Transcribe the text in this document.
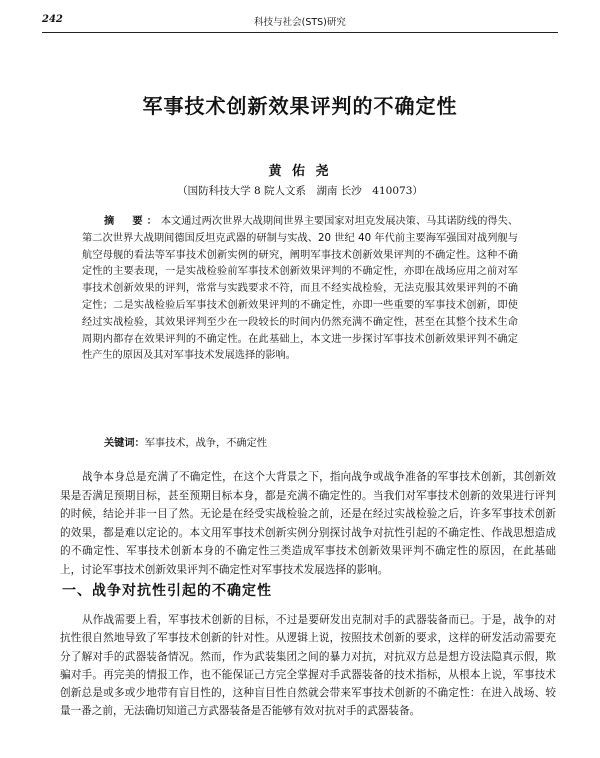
242	科技与社会(STS)研究
军事技术创新效果评判的不确定性
黄 佑 尧
（国防科技大学 8 院人文系　湖南 长沙　410073）
摘　要：本文通过两次世界大战期间世界主要国家对坦克发展决策、马其诺防线的得失、第二次世界大战期间德国反坦克武器的研制与实战、20 世纪 40 年代前主要海军强国对战列舰与航空母舰的看法等军事技术创新实例的研究，阐明军事技术创新效果评判的不确定性。这种不确定性的主要表现，一是实战检验前军事技术创新效果评判的不确定性，亦即在战场应用之前对军事技术创新效果的评判，常常与实践要求不符，而且不经实战检验，无法克服其效果评判的不确定性；二是实战检验后军事技术创新效果评判的不确定性，亦即一些重要的军事技术创新，即使经过实战检验，其效果评判至少在一段较长的时间内仍然充满不确定性，甚至在其整个技术生命周期内都存在效果评判的不确定性。在此基础上，本文进一步探讨军事技术创新效果评判不确定性产生的原因及其对军事技术发展选择的影响。
关键词：军事技术，战争，不确定性
战争本身总是充满了不确定性，在这个大背景之下，指向战争或战争准备的军事技术创新，其创新效果是否满足预期目标，甚至预期目标本身，都是充满不确定性的。当我们对军事技术创新的效果进行评判的时候，结论并非一目了然。无论是在经受实战检验之前，还是在经过实战检验之后，许多军事技术创新的效果，都是难以定论的。本文用军事技术创新实例分别探讨战争对抗性引起的不确定性、作战思想造成的不确定性、军事技术创新本身的不确定性三类造成军事技术创新效果评判不确定性的原因，在此基础上，讨论军事技术创新效果评判不确定性对军事技术发展选择的影响。
一、战争对抗性引起的不确定性
从作战需要上看，军事技术创新的目标，不过是要研发出克制对手的武器装备而已。于是，战争的对抗性很自然地导致了军事技术创新的针对性。从逻辑上说，按照技术创新的要求，这样的研发活动需要充分了解对手的武器装备情况。然而，作为武装集团之间的暴力对抗，对抗双方总是想方设法隐真示假，欺骗对手。再完美的情报工作，也不能保证己方完全掌握对手武器装备的技术指标，从根本上说，军事技术创新总是或多或少地带有盲目性的，这种盲目性自然就会带来军事技术创新的不确定性：在进入战场、较量一番之前，无法确切知道己方武器装备是否能够有效对抗对手的武器装备。
